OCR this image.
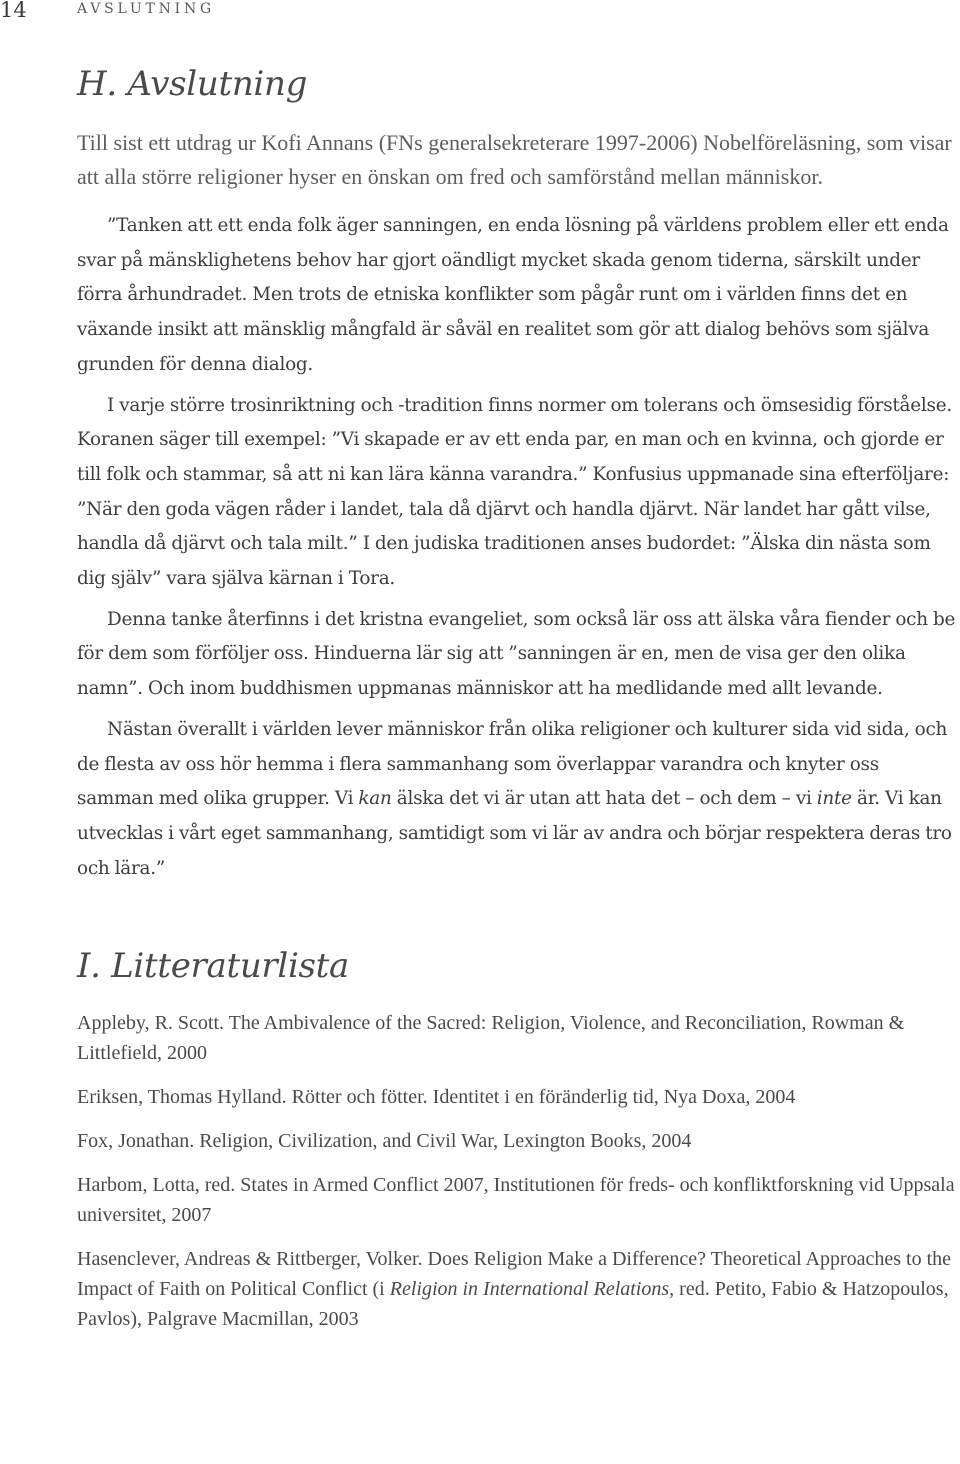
14	AVSLUTNING
H. Avslutning

Till sist ett utdrag ur Kofi Annans (FNs generalsekreterare 1997-2006) Nobelföreläsning, som visar att alla större religioner hyser en önskan om fred och samförstånd mellan människor.

”Tanken att ett enda folk äger sanningen, en enda lösning på världens problem eller ett enda svar på mänsklighetens behov har gjort oändligt mycket skada genom tiderna, särskilt under förra århundradet. Men trots de etniska konflikter som pågår runt om i världen finns det en växande insikt att mänsklig mångfald är såväl en realitet som gör att dialog behövs som själva grunden för denna dialog.

I varje större trosinriktning och -tradition finns normer om tolerans och ömsesidig förståelse. Koranen säger till exempel: ”Vi skapade er av ett enda par, en man och en kvinna, och gjorde er till folk och stammar, så att ni kan lära känna varandra.” Konfusius uppmanade sina efterföljare: ”När den goda vägen råder i landet, tala då djärvt och handla djärvt. När landet har gått vilse, handla då djärvt och tala milt.” I den judiska traditionen anses budordet: ”Älska din nästa som dig själv” vara själva kärnan i Tora.

Denna tanke återfinns i det kristna evangeliet, som också lär oss att älska våra fiender och be för dem som förföljer oss. Hinduerna lär sig att ”sanningen är en, men de visa ger den olika namn”. Och inom buddhismen uppmanas människor att ha medlidande med allt levande.

Nästan överallt i världen lever människor från olika religioner och kulturer sida vid sida, och de flesta av oss hör hemma i flera sammanhang som överlappar varandra och knyter oss samman med olika grupper. Vi kan älska det vi är utan att hata det – och dem – vi inte är. Vi kan utvecklas i vårt eget sammanhang, samtidigt som vi lär av andra och börjar respektera deras tro och lära.”

I. Litteraturlista

Appleby, R. Scott. The Ambivalence of the Sacred: Religion, Violence, and Reconciliation, Rowman & Littlefield, 2000

Eriksen, Thomas Hylland. Rötter och fötter. Identitet i en föränderlig tid, Nya Doxa, 2004

Fox, Jonathan. Religion, Civilization, and Civil War, Lexington Books, 2004

Harbom, Lotta, red. States in Armed Conflict 2007, Institutionen för freds- och konfliktforskning vid Uppsala universitet, 2007

Hasenclever, Andreas & Rittberger, Volker. Does Religion Make a Difference? Theoretical Approaches to the Impact of Faith on Political Conflict (i Religion in International Relations, red. Petito, Fabio & Hatzopoulos, Pavlos), Palgrave Macmillan, 2003
